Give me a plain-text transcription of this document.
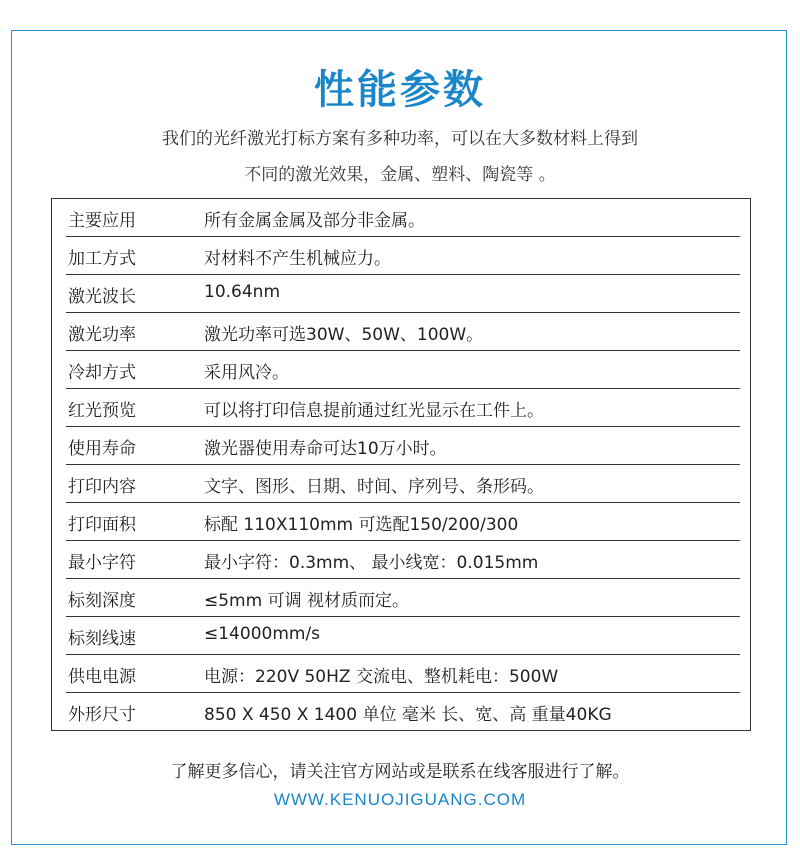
性能参数
我们的光纤激光打标方案有多种功率，可以在大多数材料上得到
不同的激光效果，金属、塑料、陶瓷等 。
主要应用	所有金属金属及部分非金属。
加工方式	对材料不产生机械应力。
激光波长	10.64nm
激光功率	激光功率可选30W、50W、100W。
冷却方式	采用风冷。
红光预览	可以将打印信息提前通过红光显示在工件上。
使用寿命	激光器使用寿命可达10万小时。
打印内容	文字、图形、日期、时间、序列号、条形码。
打印面积	标配 110X110mm 可选配150/200/300
最小字符	最小字符：0.3mm、 最小线宽：0.015mm
标刻深度	≤5mm 可调 视材质而定。
标刻线速	≤14000mm/s
供电电源	电源：220V 50HZ 交流电、整机耗电：500W
外形尺寸	850 X 450 X 1400 单位 毫米 长、宽、高 重量40KG
了解更多信心，请关注官方网站或是联系在线客服进行了解。
WWW.KENUOJIGUANG.COM
